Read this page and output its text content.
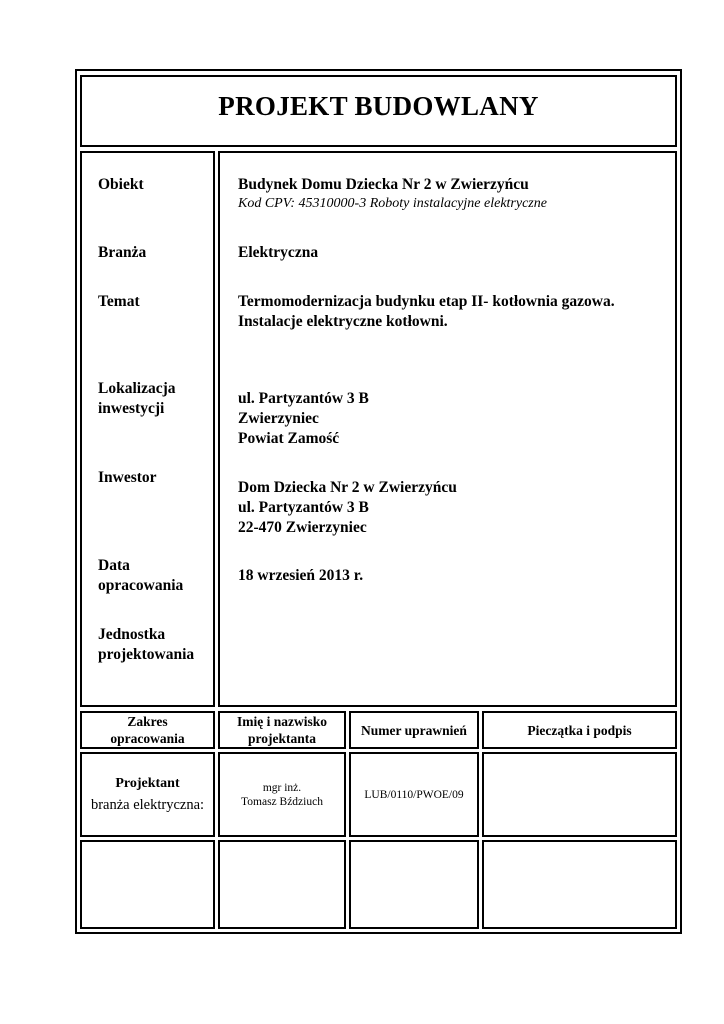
PROJEKT BUDOWLANY
Obiekt
Branża
Temat
Lokalizacja
inwestycji
Inwestor
Data
opracowania
Jednostka
projektowania
Budynek Domu Dziecka Nr 2 w Zwierzyńcu
Kod CPV: 45310000-3 Roboty instalacyjne elektryczne
Elektryczna
Termomodernizacja budynku etap II- kotłownia gazowa.
Instalacje elektryczne kotłowni.
ul. Partyzantów 3 B
Zwierzyniec
Powiat Zamość
Dom Dziecka Nr 2 w Zwierzyńcu
ul. Partyzantów 3 B
22-470 Zwierzyniec
18 wrzesień 2013 r.
Zakres
opracowania
Imię i nazwisko
projektanta
Numer uprawnień	Pieczątka i podpis
Projektant
branża elektryczna:
mgr inż.
Tomasz Bździuch
LUB/0110/PWOE/09
